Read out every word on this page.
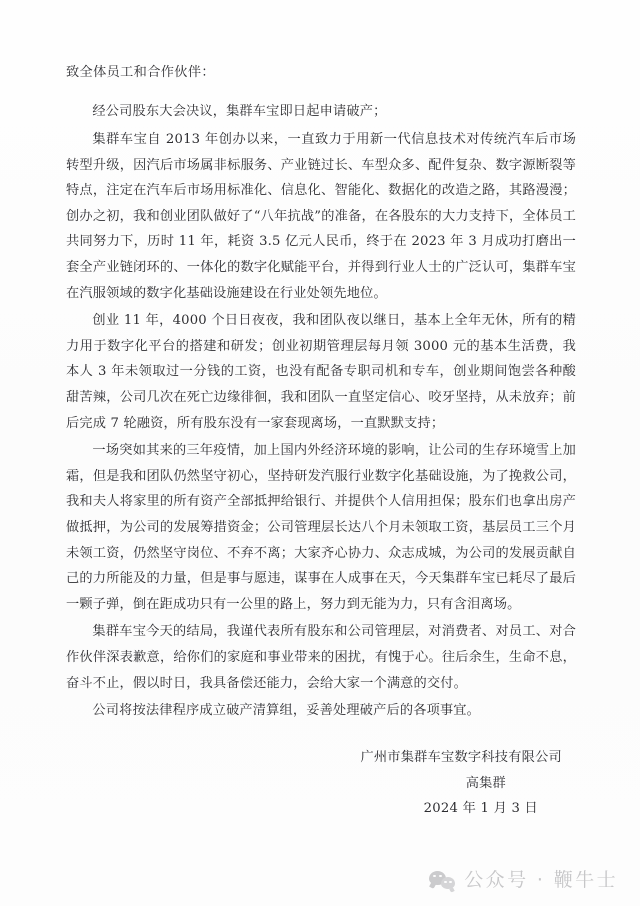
致全体员工和合作伙伴：

经公司股东大会决议，集群车宝即日起申请破产；

集群车宝自 2013 年创办以来，一直致力于用新一代信息技术对传统汽车后市场转型升级，因汽后市场属非标服务、产业链过长、车型众多、配件复杂、数字源断裂等特点，注定在汽车后市场用标准化、信息化、智能化、数据化的改造之路，其路漫漫；创办之初，我和创业团队做好了“八年抗战”的准备，在各股东的大力支持下，全体员工共同努力下，历时 11 年，耗资 3.5 亿元人民币，终于在 2023 年 3 月成功打磨出一套全产业链闭环的、一体化的数字化赋能平台，并得到行业人士的广泛认可，集群车宝在汽服领域的数字化基础设施建设在行业处领先地位。

创业 11 年，4000 个日日夜夜，我和团队夜以继日，基本上全年无休，所有的精力用于数字化平台的搭建和研发；创业初期管理层每月领 3000 元的基本生活费，我本人 3 年未领取过一分钱的工资，也没有配备专职司机和专车，创业期间饱尝各种酸甜苦辣，公司几次在死亡边缘徘徊，我和团队一直坚定信心、咬牙坚持，从未放弃；前后完成 7 轮融资，所有股东没有一家套现离场，一直默默支持；

一场突如其来的三年疫情，加上国内外经济环境的影响，让公司的生存环境雪上加霜，但是我和团队仍然坚守初心，坚持研发汽服行业数字化基础设施，为了挽救公司，我和夫人将家里的所有资产全部抵押给银行、并提供个人信用担保；股东们也拿出房产做抵押，为公司的发展筹措资金；公司管理层长达八个月未领取工资，基层员工三个月未领工资，仍然坚守岗位、不弃不离；大家齐心协力、众志成城，为公司的发展贡献自己的力所能及的力量，但是事与愿违，谋事在人成事在天，今天集群车宝已耗尽了最后一颗子弹，倒在距成功只有一公里的路上，努力到无能为力，只有含泪离场。

集群车宝今天的结局，我谨代表所有股东和公司管理层，对消费者、对员工、对合作伙伴深表歉意，给你们的家庭和事业带来的困扰，有愧于心。往后余生，生命不息，奋斗不止，假以时日，我具备偿还能力，会给大家一个满意的交付。

公司将按法律程序成立破产清算组，妥善处理破产后的各项事宜。

广州市集群车宝数字科技有限公司
高集群
2024 年 1 月 3 日
公众号 · 鞭牛士
